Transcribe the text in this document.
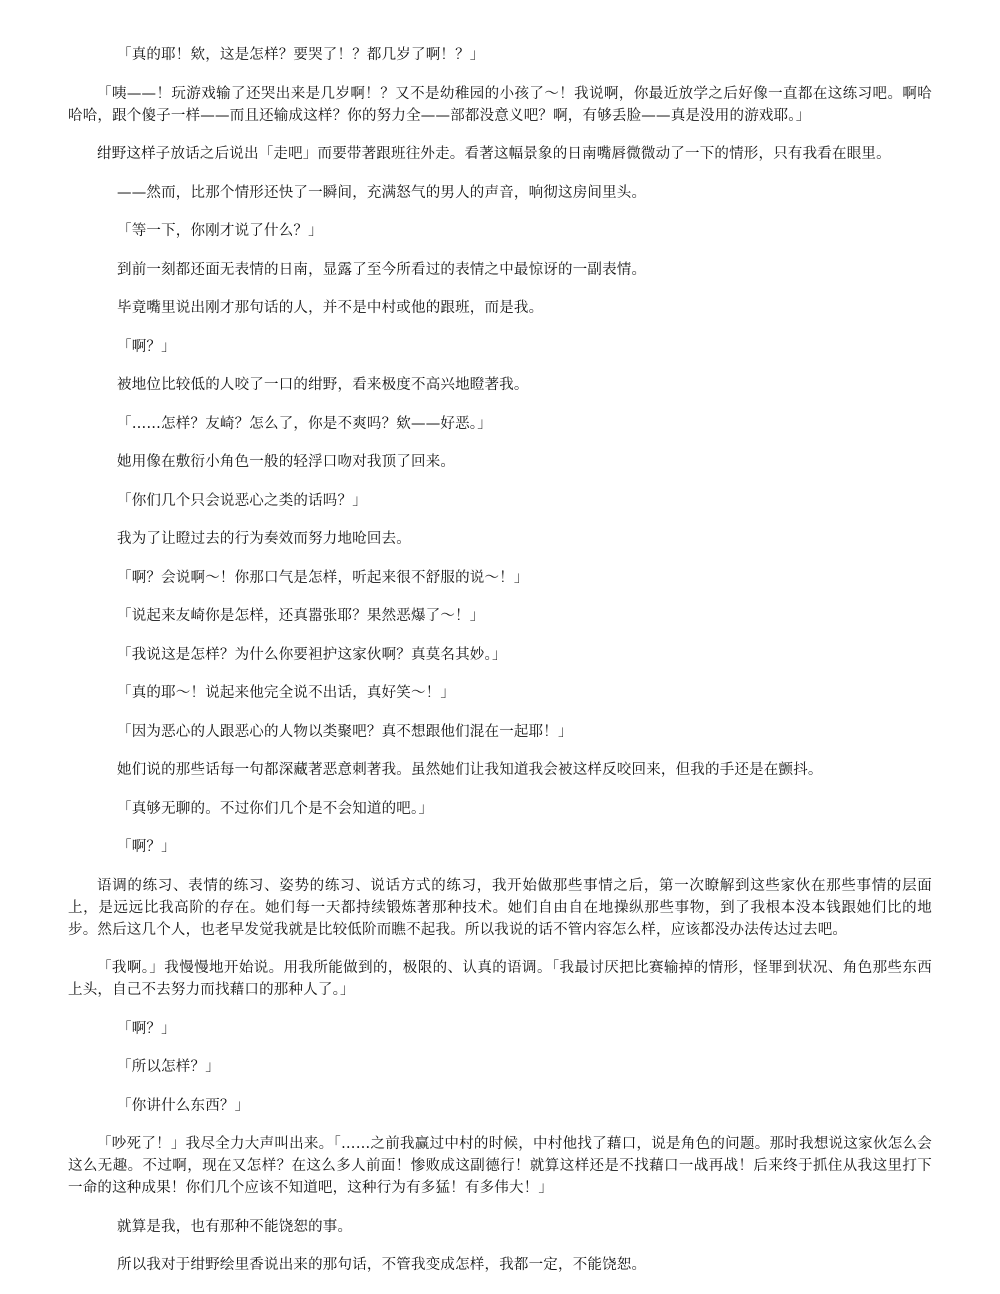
「真的耶！欸，这是怎样？要哭了！？都几岁了啊！？」

「咦——！玩游戏输了还哭出来是几岁啊！？又不是幼稚园的小孩了～！我说啊，你最近放学之后好像一直都在这练习吧。啊哈哈哈，跟个傻子一样——而且还输成这样？你的努力全——部都没意义吧？啊，有够丢脸——真是没用的游戏耶。」

绀野这样子放话之后说出「走吧」而要带著跟班往外走。看著这幅景象的日南嘴唇微微动了一下的情形，只有我看在眼里。

——然而，比那个情形还快了一瞬间，充满怒气的男人的声音，响彻这房间里头。

「等一下，你刚才说了什么？」

到前一刻都还面无表情的日南，显露了至今所看过的表情之中最惊讶的一副表情。

毕竟嘴里说出刚才那句话的人，并不是中村或他的跟班，而是我。

「啊？」

被地位比较低的人咬了一口的绀野，看来极度不高兴地瞪著我。

「……怎样？友崎？怎么了，你是不爽吗？欸——好恶。」

她用像在敷衍小角色一般的轻浮口吻对我顶了回来。

「你们几个只会说恶心之类的话吗？」

我为了让瞪过去的行为奏效而努力地呛回去。

「啊？会说啊～！你那口气是怎样，听起来很不舒服的说～！」

「说起来友崎你是怎样，还真嚣张耶？果然恶爆了～！」

「我说这是怎样？为什么你要袒护这家伙啊？真莫名其妙。」

「真的耶～！说起来他完全说不出话，真好笑～！」

「因为恶心的人跟恶心的人物以类聚吧？真不想跟他们混在一起耶！」

她们说的那些话每一句都深藏著恶意刺著我。虽然她们让我知道我会被这样反咬回来，但我的手还是在颤抖。

「真够无聊的。不过你们几个是不会知道的吧。」

「啊？」

语调的练习、表情的练习、姿势的练习、说话方式的练习，我开始做那些事情之后，第一次瞭解到这些家伙在那些事情的层面上，是远远比我高阶的存在。她们每一天都持续锻炼著那种技术。她们自由自在地操纵那些事物，到了我根本没本钱跟她们比的地步。然后这几个人，也老早发觉我就是比较低阶而瞧不起我。所以我说的话不管内容怎么样，应该都没办法传达过去吧。

「我啊。」我慢慢地开始说。用我所能做到的，极限的、认真的语调。「我最讨厌把比赛输掉的情形，怪罪到状况、角色那些东西上头，自己不去努力而找藉口的那种人了。」

「啊？」

「所以怎样？」

「你讲什么东西？」

「吵死了！」我尽全力大声叫出来。「……之前我赢过中村的时候，中村他找了藉口，说是角色的问题。那时我想说这家伙怎么会这么无趣。不过啊，现在又怎样？在这么多人前面！惨败成这副德行！就算这样还是不找藉口一战再战！后来终于抓住从我这里打下一命的这种成果！你们几个应该不知道吧，这种行为有多猛！有多伟大！」

就算是我，也有那种不能饶恕的事。

所以我对于绀野绘里香说出来的那句话，不管我变成怎样，我都一定，不能饶恕。
